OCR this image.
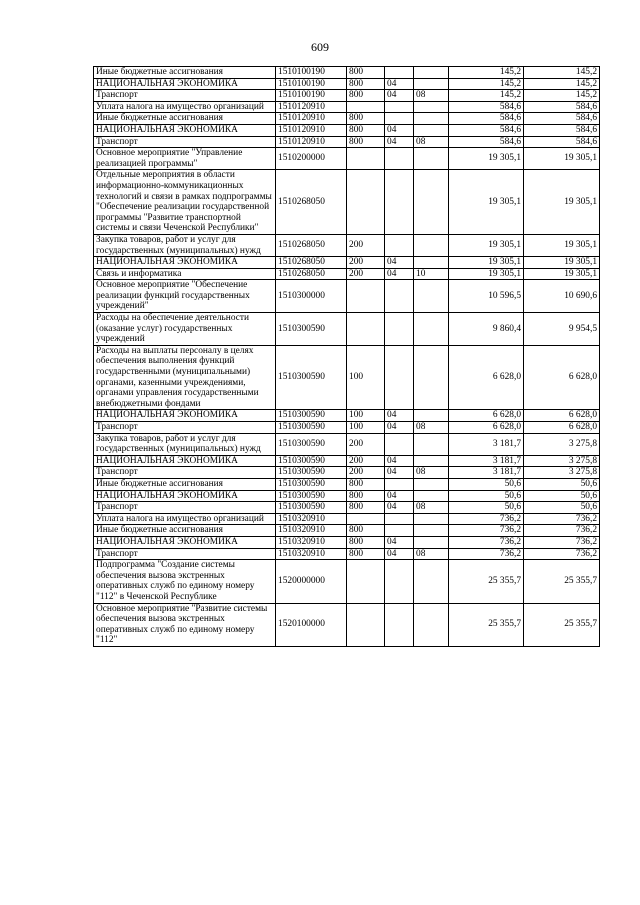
609
Иные бюджетные ассигнования	1510100190	800			145,2	145,2
НАЦИОНАЛЬНАЯ ЭКОНОМИКА	1510100190	800	04		145,2	145,2
Транспорт	1510100190	800	04	08	145,2	145,2
Уплата налога на имущество организаций	1510120910				584,6	584,6
Иные бюджетные ассигнования	1510120910	800			584,6	584,6
НАЦИОНАЛЬНАЯ ЭКОНОМИКА	1510120910	800	04		584,6	584,6
Транспорт	1510120910	800	04	08	584,6	584,6
Основное мероприятие "Управление реализацией программы"	1510200000				19 305,1	19 305,1
Отдельные мероприятия в области информационно-коммуникационных технологий и связи в рамках подпрограммы "Обеспечение реализации государственной программы "Развитие транспортной системы и связи Чеченской Республики"	1510268050				19 305,1	19 305,1
Закупка товаров, работ и услуг для государственных (муниципальных) нужд	1510268050	200			19 305,1	19 305,1
НАЦИОНАЛЬНАЯ ЭКОНОМИКА	1510268050	200	04		19 305,1	19 305,1
Связь и информатика	1510268050	200	04	10	19 305,1	19 305,1
Основное мероприятие "Обеспечение реализации функций государственных учреждений"	1510300000				10 596,5	10 690,6
Расходы на обеспечение деятельности (оказание услуг) государственных учреждений	1510300590				9 860,4	9 954,5
Расходы на выплаты персоналу в целях обеспечения выполнения функций государственными (муниципальными) органами, казенными учреждениями, органами управления государственными внебюджетными фондами	1510300590	100			6 628,0	6 628,0
НАЦИОНАЛЬНАЯ ЭКОНОМИКА	1510300590	100	04		6 628,0	6 628,0
Транспорт	1510300590	100	04	08	6 628,0	6 628,0
Закупка товаров, работ и услуг для государственных (муниципальных) нужд	1510300590	200			3 181,7	3 275,8
НАЦИОНАЛЬНАЯ ЭКОНОМИКА	1510300590	200	04		3 181,7	3 275,8
Транспорт	1510300590	200	04	08	3 181,7	3 275,8
Иные бюджетные ассигнования	1510300590	800			50,6	50,6
НАЦИОНАЛЬНАЯ ЭКОНОМИКА	1510300590	800	04		50,6	50,6
Транспорт	1510300590	800	04	08	50,6	50,6
Уплата налога на имущество организаций	1510320910				736,2	736,2
Иные бюджетные ассигнования	1510320910	800			736,2	736,2
НАЦИОНАЛЬНАЯ ЭКОНОМИКА	1510320910	800	04		736,2	736,2
Транспорт	1510320910	800	04	08	736,2	736,2
Подпрограмма "Создание системы обеспечения вызова экстренных оперативных служб по единому номеру "112" в Чеченской Республике	1520000000				25 355,7	25 355,7
Основное мероприятие "Развитие системы обеспечения вызова экстренных оперативных служб по единому номеру "112"	1520100000				25 355,7	25 355,7
